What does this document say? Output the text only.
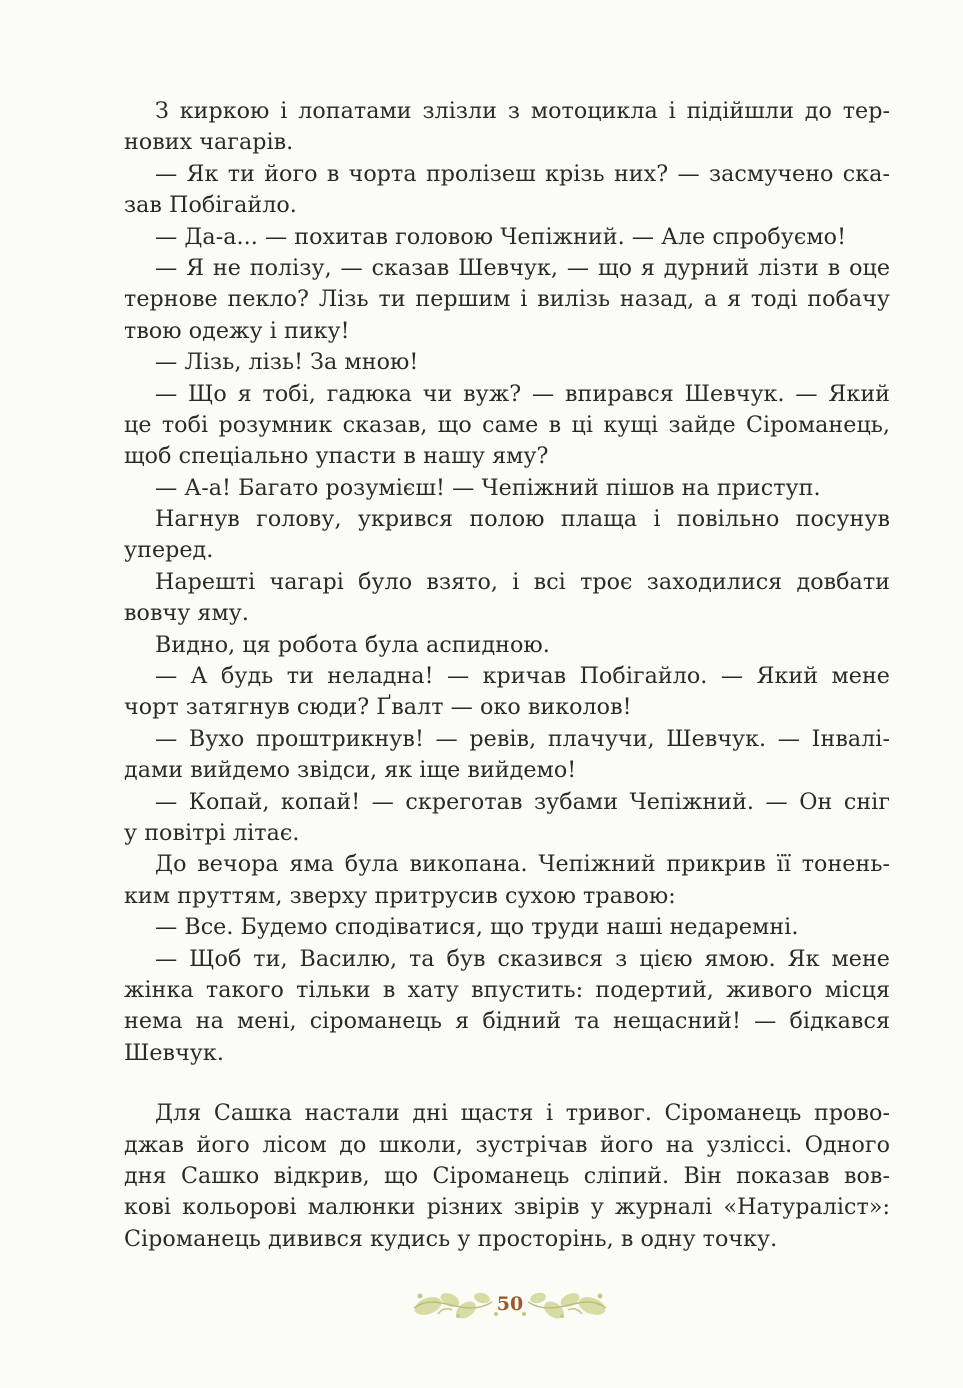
З киркою і лопатами злізли з мотоцикла і підійшли до тер-
нових чагарів.
— Як ти його в чорта пролізеш крізь них? — засмучено ска-
зав Побігайло.
— Да-а... — похитав головою Чепіжний. — Але спробуємо!
— Я не полізу, — сказав Шевчук, — що я дурний лізти в оце
тернове пекло? Лізь ти першим і вилізь назад, а я тоді побачу
твою одежу і пику!
— Лізь, лізь! За мною!
— Що я тобі, гадюка чи вуж? — впирався Шевчук. — Який
це тобі розумник сказав, що саме в ці кущі зайде Сіроманець,
щоб спеціально упасти в нашу яму?
— А-а! Багато розумієш! — Чепіжний пішов на приступ.
Нагнув голову, укрився полою плаща і повільно посунув
уперед.
Нарешті чагарі було взято, і всі троє заходилися довбати
вовчу яму.
Видно, ця робота була аспидною.
— А будь ти неладна! — кричав Побігайло. — Який мене
чорт затягнув сюди? Ґвалт — око виколов!
— Вухо проштрикнув! — ревів, плачучи, Шевчук. — Інвалі-
дами вийдемо звідси, як іще вийдемо!
— Копай, копай! — скреготав зубами Чепіжний. — Он сніг
у повітрі літає.
До вечора яма була викопана. Чепіжний прикрив її тонень-
ким пруттям, зверху притрусив сухою травою:
— Все. Будемо сподіватися, що труди наші недаремні.
— Щоб ти, Василю, та був сказився з цією ямою. Як мене
жінка такого тільки в хату впустить: подертий, живого місця
нема на мені, сіроманець я бідний та нещасний! — бідкався
Шевчук.
Для Сашка настали дні щастя і тривог. Сіроманець прово-
джав його лісом до школи, зустрічав його на узліссі. Одного
дня Сашко відкрив, що Сіроманець сліпий. Він показав вов-
кові кольорові малюнки різних звірів у журналі «Натураліст»:
Сіроманець дивився кудись у просторінь, в одну точку.
50
